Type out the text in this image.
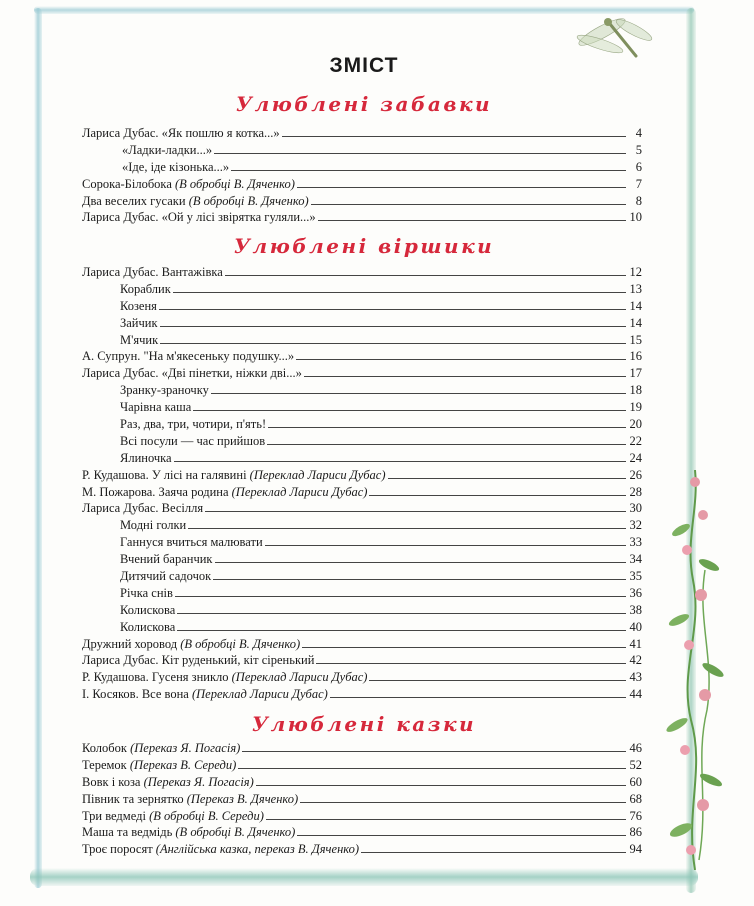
ЗМІСТ
Улюблені забавки
Лариса Дубас. «Як пошлю я котка...»	4
«Ладки-ладки...»	5
«Іде, іде кізонька...»	6
Сорока-Білобока (В обробці В. Дяченко)	7
Два веселих гусаки (В обробці В. Дяченко)	8
Лариса Дубас. «Ой у лісі звірятка гуляли...»	10
Улюблені віршики
Лариса Дубас. Вантажівка	12
Кораблик	13
Козеня	14
Зайчик	14
М'ячик	15
А. Супрун. "На м'якесеньку подушку...»	16
Лариса Дубас. «Дві пінетки, ніжки дві...»	17
Зранку-зраночку	18
Чарівна каша	19
Раз, два, три, чотири, п'ять!	20
Всі посули — час прийшов	22
Ялиночка	24
Р. Кудашова. У лісі на галявині (Переклад Лариси Дубас)	26
М. Пожарова. Заяча родина (Переклад Лариси Дубас)	28
Лариса Дубас. Весілля	30
Модні голки	32
Ганнуся вчиться малювати	33
Вчений баранчик	34
Дитячий садочок	35
Річка снів	36
Колискова	38
Колискова	40
Дружний хоровод (В обробці В. Дяченко)	41
Лариса Дубас. Кіт руденький, кіт сіренький	42
Р. Кудашова. Гусеня зникло (Переклад Лариси Дубас)	43
І. Косяков. Все вона (Переклад Лариси Дубас)	44
Улюблені казки
Колобок (Переказ Я. Погасія)	46
Теремок (Переказ В. Середи)	52
Вовк і коза (Переказ Я. Погасія)	60
Півник та зернятко (Переказ В. Дяченко)	68
Три ведмеді (В обробці В. Середи)	76
Маша та ведмідь (В обробці В. Дяченко)	86
Троє поросят (Англійська казка, переказ В. Дяченко)	94
